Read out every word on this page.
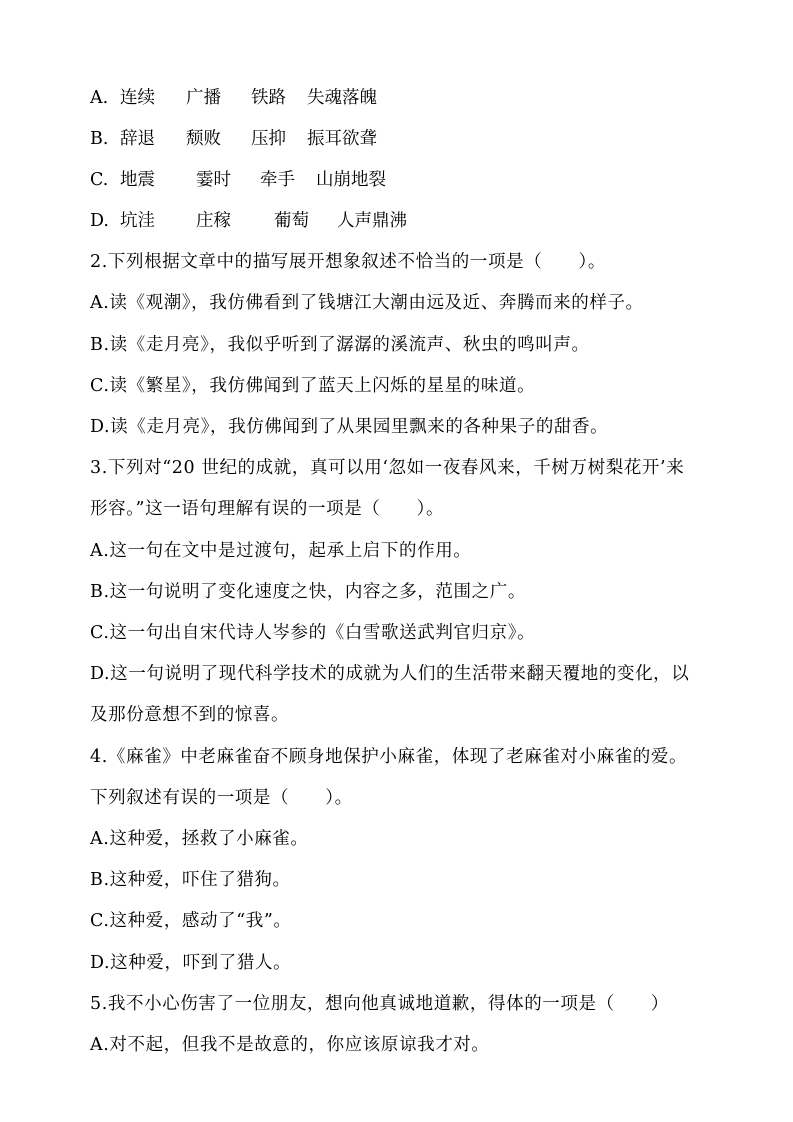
A. 连续 广播 铁路 失魂落魄
B. 辞退 颓败 压抑 振耳欲聋
C. 地震 霎时 牵手 山崩地裂
D. 坑洼 庄稼 葡萄 人声鼎沸
2.下列根据文章中的描写展开想象叙述不恰当的一项是（　　）。
A.读《观潮》，我仿佛看到了钱塘江大潮由远及近、奔腾而来的样子。
B.读《走月亮》，我似乎听到了潺潺的溪流声、秋虫的鸣叫声。
C.读《繁星》，我仿佛闻到了蓝天上闪烁的星星的味道。
D.读《走月亮》，我仿佛闻到了从果园里飘来的各种果子的甜香。
3.下列对“20 世纪的成就，真可以用‘忽如一夜春风来，千树万树梨花开’来
形容。”这一语句理解有误的一项是（　　）。
A.这一句在文中是过渡句，起承上启下的作用。
B.这一句说明了变化速度之快，内容之多，范围之广。
C.这一句出自宋代诗人岑参的《白雪歌送武判官归京》。
D.这一句说明了现代科学技术的成就为人们的生活带来翻天覆地的变化，以
及那份意想不到的惊喜。
4.《麻雀》中老麻雀奋不顾身地保护小麻雀，体现了老麻雀对小麻雀的爱。
下列叙述有误的一项是（　　）。
A.这种爱，拯救了小麻雀。
B.这种爱，吓住了猎狗。
C.这种爱，感动了“我”。
D.这种爱，吓到了猎人。
5.我不小心伤害了一位朋友，想向他真诚地道歉，得体的一项是（　　）
A.对不起，但我不是故意的，你应该原谅我才对。
